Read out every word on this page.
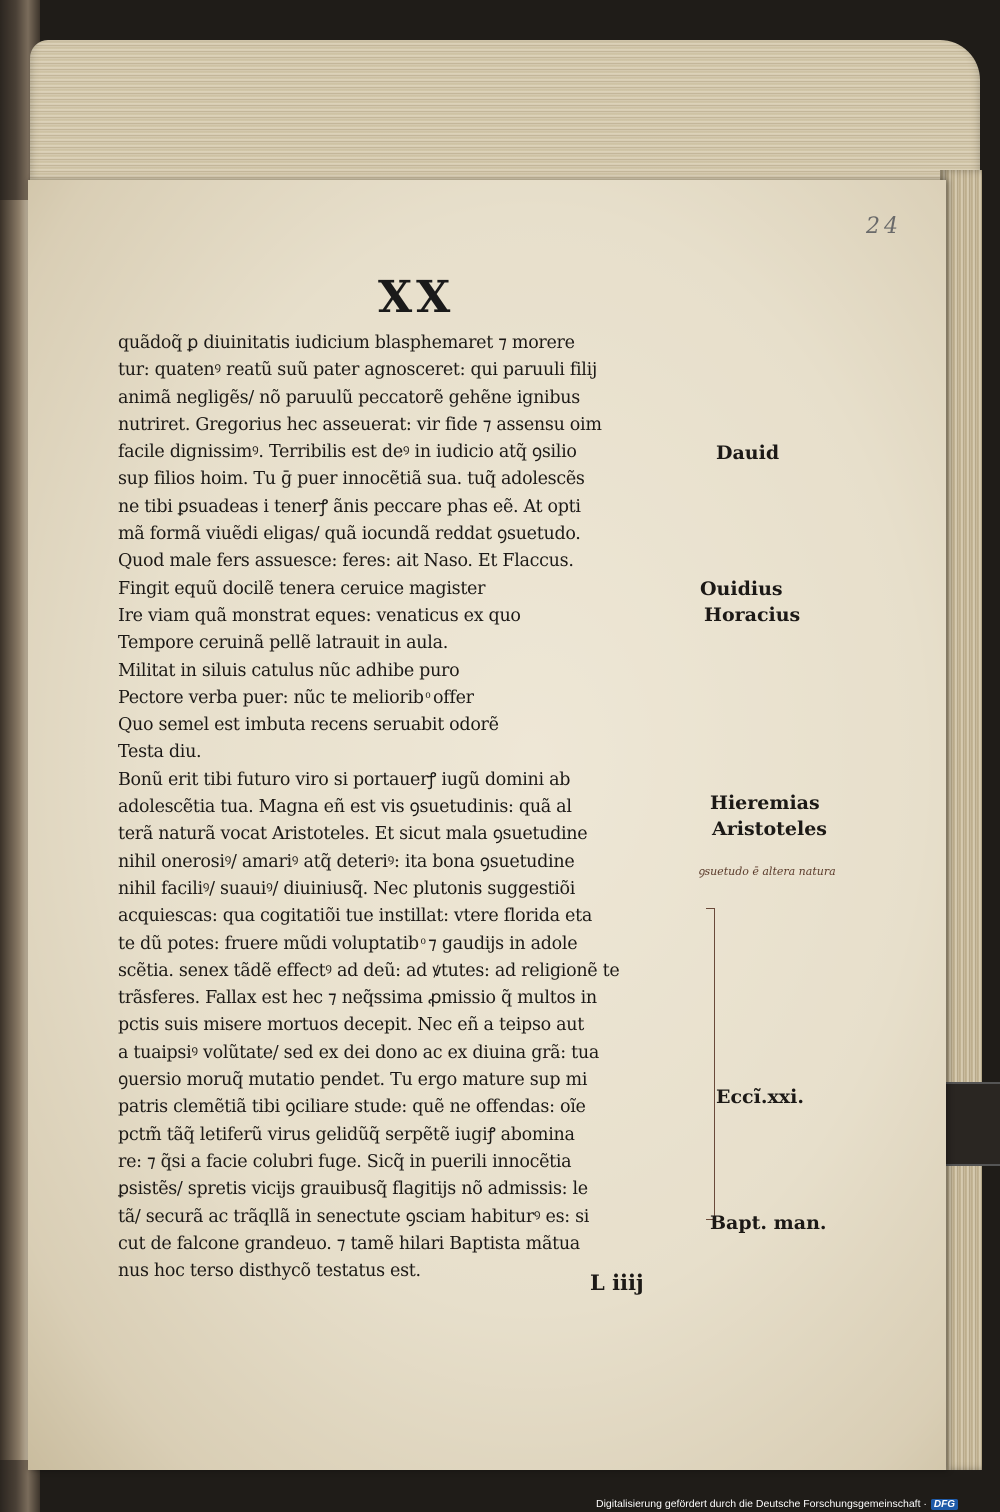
24
XX
quãdoq̃ ꝑ diuinitatis iudicium blasphemaret ⁊ morere
tur: quatenꝰ reatũ suũ pater agnosceret: qui paruuli filij
animã negligẽs/ nõ paruulũ peccatorẽ gehẽne ignibus
nutriret. Gregorius hec asseuerat: vir fide ⁊ assensu oim
facile dignissimꝰ. Terribilis est deꝰ in iudicio atq̃ ꝯsilio
sup filios hoim. Tu ḡ puer innocẽtiã sua. tuq̃ adolescẽs
ne tibi ꝑsuadeas i tenerꝭ ãnis peccare phas eẽ. At opti
mã formã viuẽdi eligas/ quã iocundã reddat ꝯsuetudo.
Quod male fers assuesce: feres: ait Naso. Et Flaccus.
Fingit equũ docilẽ tenera ceruice magister
Ire viam quã monstrat eques: venaticus ex quo
Tempore ceruinã pellẽ latrauit in aula.
Militat in siluis catulus nũc adhibe puro
Pectore verba puer: nũc te meliorib ͦ offer
Quo semel est imbuta recens seruabit odorẽ
Testa diu.
Bonũ erit tibi futuro viro si portauerꝭ iugũ domini ab
adolescẽtia tua. Magna eñ est vis ꝯsuetudinis: quã al
terã naturã vocat Aristoteles. Et sicut mala ꝯsuetudine
nihil onerosiꝰ/ amariꝰ atq̃ deteriꝰ: ita bona ꝯsuetudine
nihil faciliꝰ/ suauiꝰ/ diuiniusq̃. Nec plutonis suggestiõi
acquiescas: qua cogitatiõi tue instillat: vtere florida eta
te dũ potes: fruere mũdi voluptatib ͦ ⁊ gaudijs in adole
scẽtia. senex tãdẽ effectꝰ ad deũ: ad ꝟtutes: ad religionẽ te
trãsferes. Fallax est hec ⁊ neq̃ssima ꝓmissio q̃ multos in
pctis suis misere mortuos decepit. Nec eñ a teipso aut
a tuaipsiꝰ volũtate/ sed ex dei dono ac ex diuina grã: tua
ꝯuersio moruq̃ mutatio pendet. Tu ergo mature sup mi
patris clemẽtiã tibi ꝯciliare stude: quẽ ne offendas: oĩe
pctm̃ tãq̃ letiferũ virus gelidũq̃ serpẽtẽ iugiꝭ abomina
re: ⁊ q̃si a facie colubri fuge. Sicq̃ in puerili innocẽtia
ꝑsistẽs/ spretis vicijs grauibusq̃ flagitijs nõ admissis: le
tã/ securã ac trãqllã in senectute ꝯsciam habiturꝰ es: si
cut de falcone grandeuo. ⁊ tamẽ hilari Baptista mãtua
nus hoc terso disthycõ testatus est.
Dauid
Ouidius
Horacius
Hieremias
Aristoteles
ꝯsuetudo ē altera natura
Eccĩ.xxi.
Bapt. man.
L iiij
Digitalisierung gefördert durch die Deutsche Forschungsgemeinschaft · DFG
